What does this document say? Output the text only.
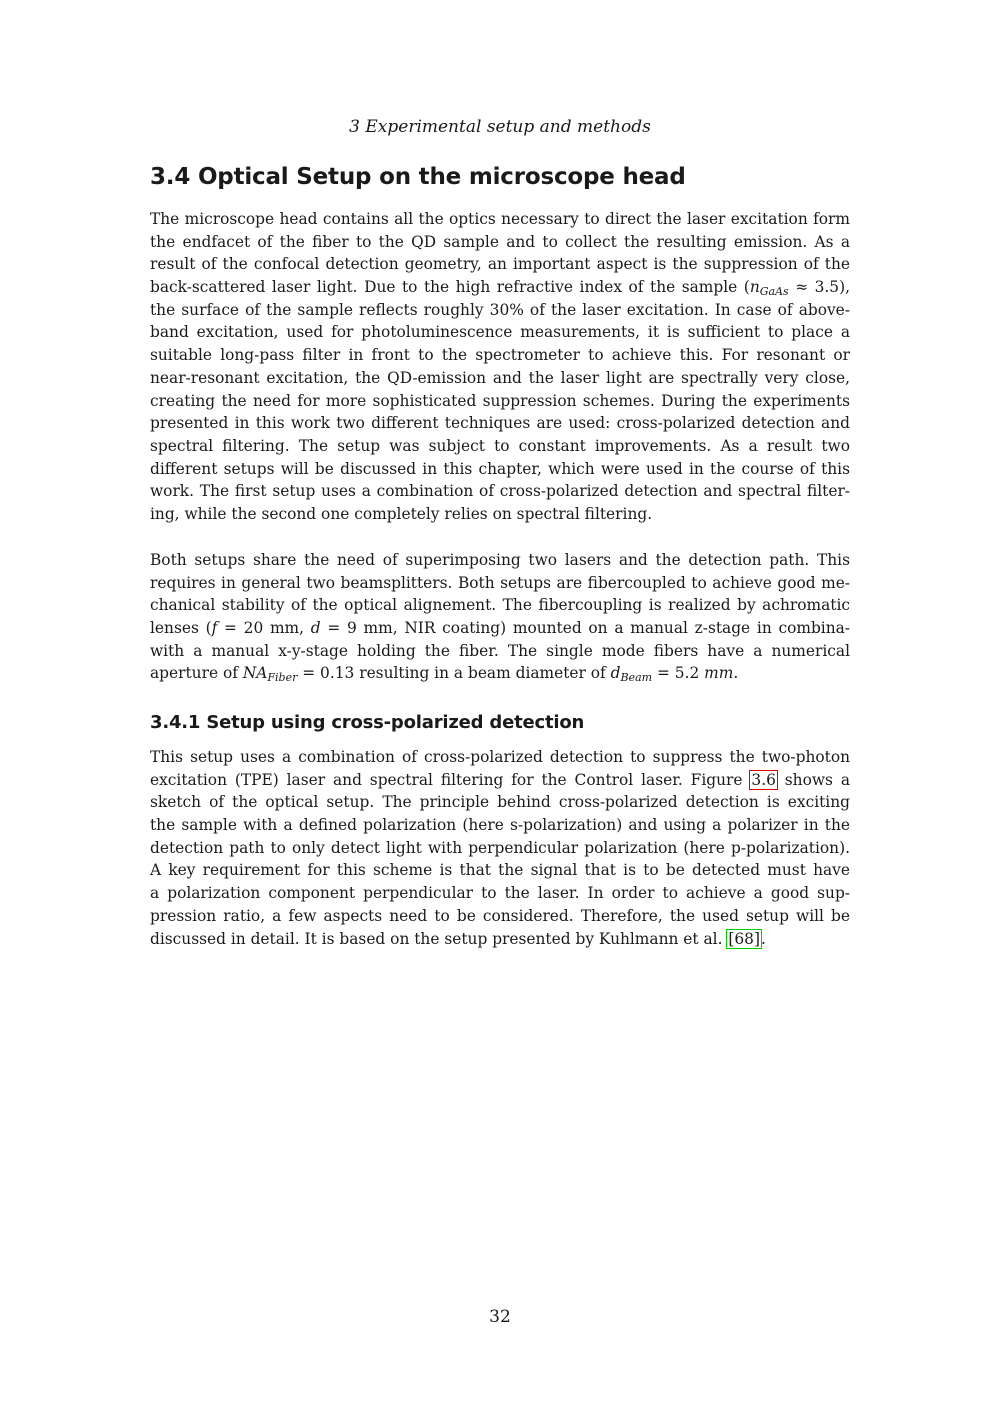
3 Experimental setup and methods
3.4 Optical Setup on the microscope head
The microscope head contains all the optics necessary to direct the laser excitation form
the endfacet of the fiber to the QD sample and to collect the resulting emission. As a
result of the confocal detection geometry, an important aspect is the suppression of the
back-scattered laser light. Due to the high refractive index of the sample $(n_{GaAs} \approx 3.5)$,
the surface of the sample reflects roughly 30% of the laser excitation. In case of above-
band excitation, used for photoluminescence measurements, it is sufficient to place a
suitable long-pass filter in front to the spectrometer to achieve this. For resonant or
near-resonant excitation, the QD-emission and the laser light are spectrally very close,
creating the need for more sophisticated suppression schemes. During the experiments
presented in this work two different techniques are used: cross-polarized detection and
spectral filtering. The setup was subject to constant improvements. As a result two
different setups will be discussed in this chapter, which were used in the course of this
work. The first setup uses a combination of cross-polarized detection and spectral filter-
ing, while the second one completely relies on spectral filtering.
Both setups share the need of superimposing two lasers and the detection path. This
requires in general two beamsplitters. Both setups are fibercoupled to achieve good me-
chanical stability of the optical alignement. The fibercoupling is realized by achromatic
lenses (f = 20 mm, d = 9 mm, NIR coating) mounted on a manual z-stage in combina-
with a manual x-y-stage holding the fiber. The single mode fibers have a numerical
aperture of $NA_{Fiber} = 0.13$ resulting in a beam diameter of $d_{Beam} = 5.2$ mm.
3.4.1 Setup using cross-polarized detection
This setup uses a combination of cross-polarized detection to suppress the two-photon
excitation (TPE) laser and spectral filtering for the Control laser. Figure 3.6 shows a
sketch of the optical setup. The principle behind cross-polarized detection is exciting
the sample with a defined polarization (here s-polarization) and using a polarizer in the
detection path to only detect light with perpendicular polarization (here p-polarization).
A key requirement for this scheme is that the signal that is to be detected must have
a polarization component perpendicular to the laser. In order to achieve a good sup-
pression ratio, a few aspects need to be considered. Therefore, the used setup will be
discussed in detail. It is based on the setup presented by Kuhlmann et al. [68].
32
